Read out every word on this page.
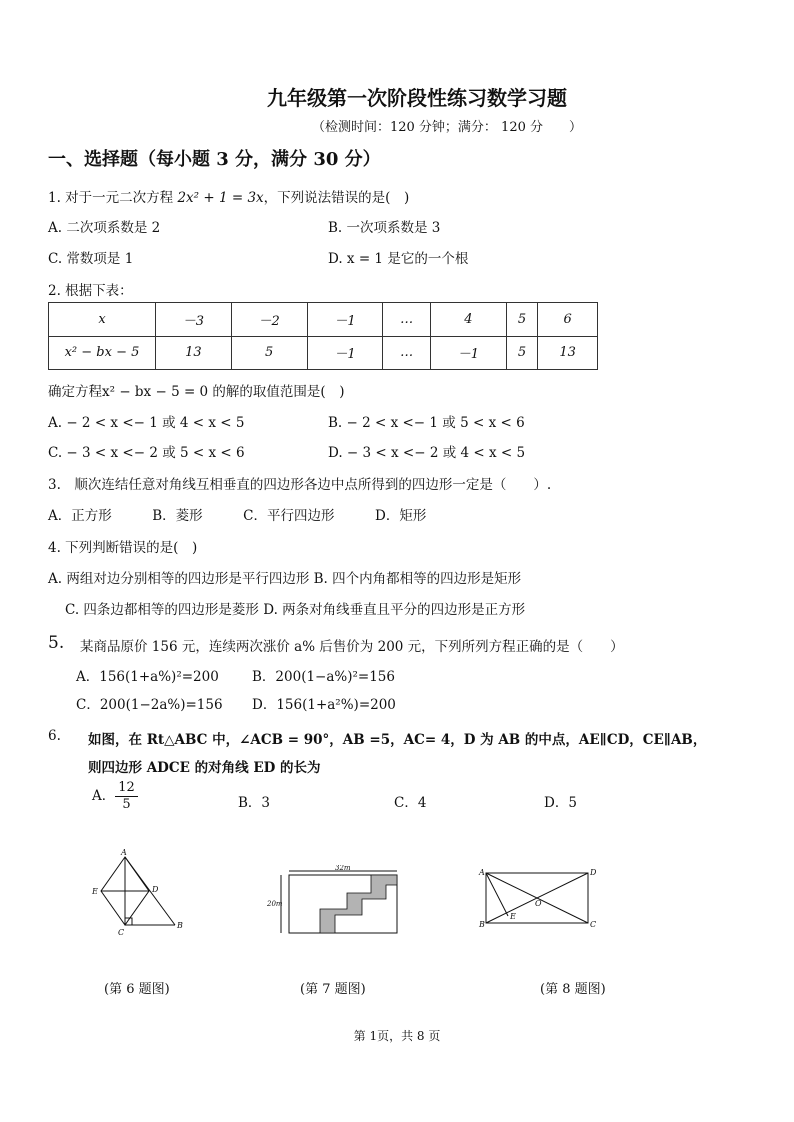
九年级第一次阶段性练习数学习题
（检测时间：120 分钟；满分： 120 分　　）
一、选择题（每小题 3 分，满分 30 分）
1. 对于一元二次方程 2x² + 1 = 3x，下列说法错误的是(　)
A. 二次项系数是 2	B. 一次项系数是 3
C. 常数项是 1	D. x = 1 是它的一个根
2. 根据下表：
x	－3	－2	－1	…	4	5	6
x² − bx − 5	13	5	－1	…	－1	5	13
确定方程x² − bx − 5 = 0 的解的取值范围是(　)
A. − 2 < x <− 1 或 4 < x < 5	B. − 2 < x <− 1 或 5 < x < 6
C. − 3 < x <− 2 或 5 < x < 6	D. − 3 < x <− 2 或 4 < x < 5
3.　顺次连结任意对角线互相垂直的四边形各边中点所得到的四边形一定是（　　）.
A．正方形　　　B．菱形　　　C．平行四边形　　　D．矩形
4. 下列判断错误的是(　)
A. 两组对边分别相等的四边形是平行四边形 B. 四个内角都相等的四边形是矩形
C. 四条边都相等的四边形是菱形 D. 两条对角线垂直且平分的四边形是正方形
5. 某商品原价 156 元，连续两次涨价 a% 后售价为 200 元，下列所列方程正确的是（　　）
A．156(1+a%)²=200 B．200(1−a%)²=156
C．200(1−2a%)=156 D．156(1+a²%)=200
6. 如图，在 Rt△ABC 中，∠ACB = 90°，AB =5，AC= 4，D 为 AB 的中点，AE∥CD，CE∥AB，
则四边形 ADCE 的对角线 ED 的长为
A． $\frac{12}{5}$	B．3	C．4	D．5
A
E	D
C
B
32m
20m
A	D
O
E
B	C
(第 6 题图)	(第 7 题图)	(第 8 题图)
第 1页，共 8 页
